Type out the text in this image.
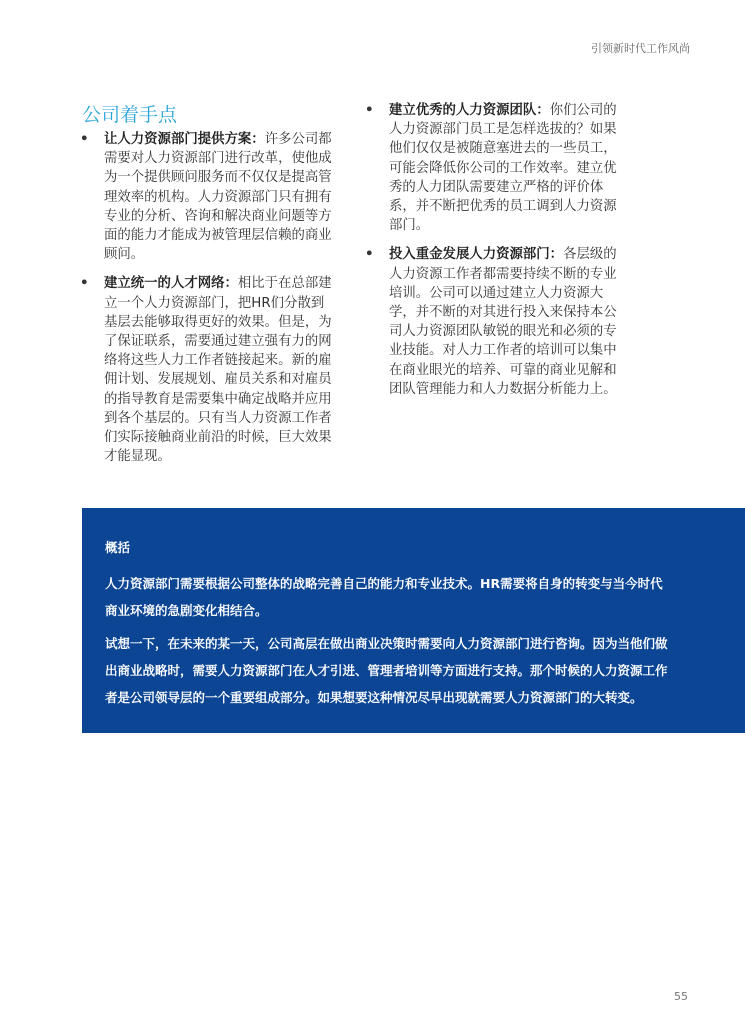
引领新时代工作风尚
公司着手点
• 让人力资源部门提供方案：许多公司都
需要对人力资源部门进行改革，使他成
为一个提供顾问服务而不仅仅是提高管
理效率的机构。人力资源部门只有拥有
专业的分析、咨询和解决商业问题等方
面的能力才能成为被管理层信赖的商业
顾问。
• 建立统一的人才网络：相比于在总部建
立一个人力资源部门，把HR们分散到
基层去能够取得更好的效果。但是，为
了保证联系，需要通过建立强有力的网
络将这些人力工作者链接起来。新的雇
佣计划、发展规划、雇员关系和对雇员
的指导教育是需要集中确定战略并应用
到各个基层的。只有当人力资源工作者
们实际接触商业前沿的时候，巨大效果
才能显现。
• 建立优秀的人力资源团队：你们公司的
人力资源部门员工是怎样选拔的？如果
他们仅仅是被随意塞进去的一些员工，
可能会降低你公司的工作效率。建立优
秀的人力团队需要建立严格的评价体
系，并不断把优秀的员工调到人力资源
部门。
• 投入重金发展人力资源部门：各层级的
人力资源工作者都需要持续不断的专业
培训。公司可以通过建立人力资源大
学，并不断的对其进行投入来保持本公
司人力资源团队敏锐的眼光和必须的专
业技能。对人力工作者的培训可以集中
在商业眼光的培养、可靠的商业见解和
团队管理能力和人力数据分析能力上。
概括

人力资源部门需要根据公司整体的战略完善自己的能力和专业技术。HR需要将自身的转变与当今时代
商业环境的急剧变化相结合。

试想一下，在未来的某一天，公司高层在做出商业决策时需要向人力资源部门进行咨询。因为当他们做
出商业战略时，需要人力资源部门在人才引进、管理者培训等方面进行支持。那个时候的人力资源工作
者是公司领导层的一个重要组成部分。如果想要这种情况尽早出现就需要人力资源部门的大转变。

55
